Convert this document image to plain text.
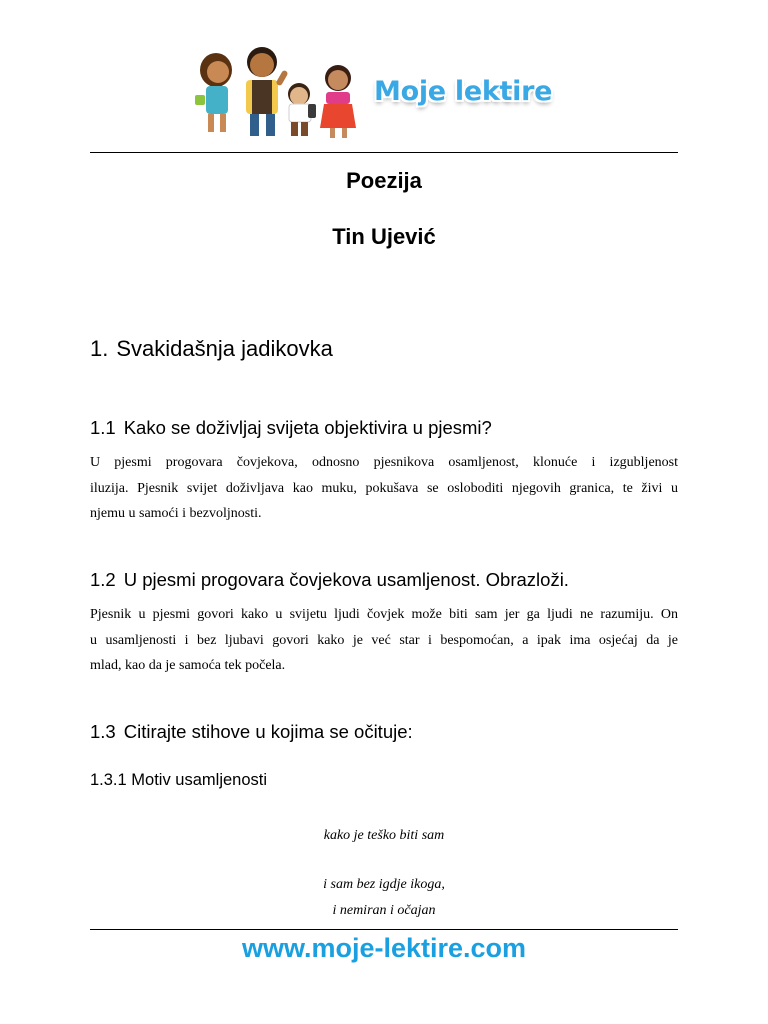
Moje lektire
Poezija
Tin Ujević
1. Svakidašnja jadikovka
1.1 Kako se doživljaj svijeta objektivira u pjesmi?
U pjesmi progovara čovjekova, odnosno pjesnikova osamljenost, klonuće i izgubljenost
iluzija. Pjesnik svijet doživljava kao muku, pokušava se osloboditi njegovih granica, te živi u
njemu u samoći i bezvoljnosti.
1.2 U pjesmi progovara čovjekova usamljenost. Obrazloži.
Pjesnik u pjesmi govori kako u svijetu ljudi čovjek može biti sam jer ga ljudi ne razumiju. On
u usamljenosti i bez ljubavi govori kako je već star i bespomoćan, a ipak ima osjećaj da je
mlad, kao da je samoća tek počela.
1.3 Citirajte stihove u kojima se očituje:
1.3.1 Motiv usamljenosti
kako je teško biti sam
i sam bez igdje ikoga,
i nemiran i očajan
www.moje-lektire.com
